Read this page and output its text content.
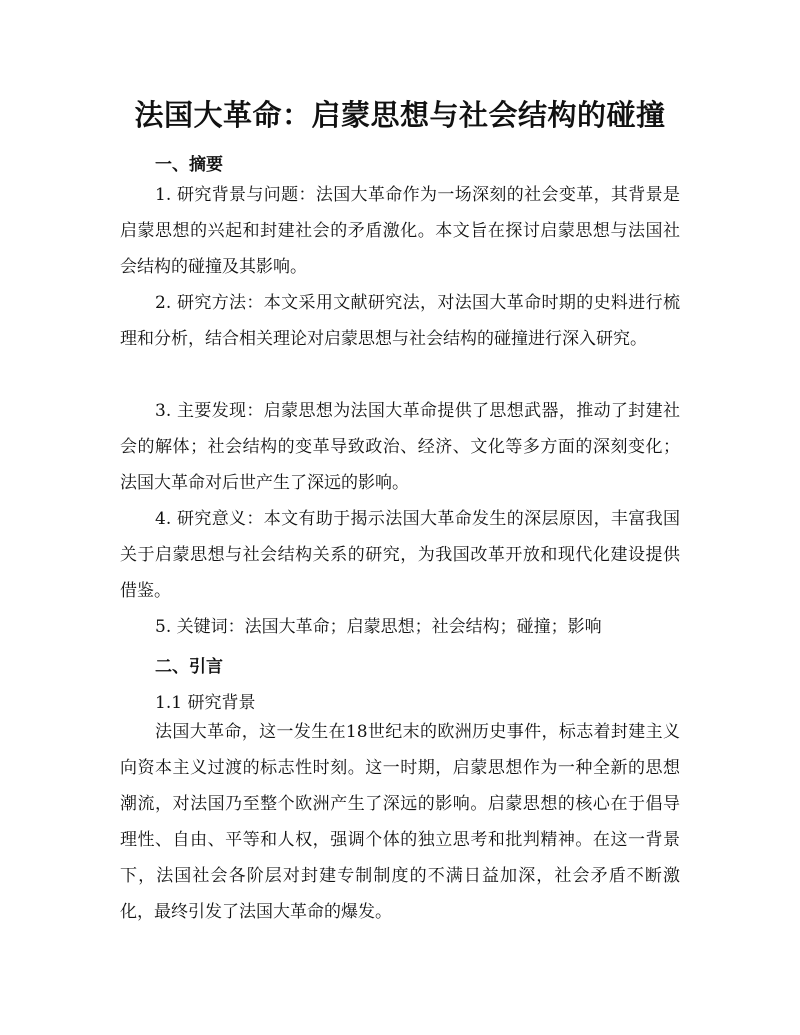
法国大革命：启蒙思想与社会结构的碰撞
一、摘要

1. 研究背景与问题：法国大革命作为一场深刻的社会变革，其背景是启蒙思想的兴起和封建社会的矛盾激化。本文旨在探讨启蒙思想与法国社会结构的碰撞及其影响。

2. 研究方法：本文采用文献研究法，对法国大革命时期的史料进行梳理和分析，结合相关理论对启蒙思想与社会结构的碰撞进行深入研究。

3. 主要发现：启蒙思想为法国大革命提供了思想武器，推动了封建社会的解体；社会结构的变革导致政治、经济、文化等多方面的深刻变化；法国大革命对后世产生了深远的影响。

4. 研究意义：本文有助于揭示法国大革命发生的深层原因，丰富我国关于启蒙思想与社会结构关系的研究，为我国改革开放和现代化建设提供借鉴。

5. 关键词：法国大革命；启蒙思想；社会结构；碰撞；影响

二、引言

1.1 研究背景

法国大革命，这一发生在18世纪末的欧洲历史事件，标志着封建主义向资本主义过渡的标志性时刻。这一时期，启蒙思想作为一种全新的思想潮流，对法国乃至整个欧洲产生了深远的影响。启蒙思想的核心在于倡导理性、自由、平等和人权，强调个体的独立思考和批判精神。在这一背景下，法国社会各阶层对封建专制制度的不满日益加深，社会矛盾不断激化，最终引发了法国大革命的爆发。
